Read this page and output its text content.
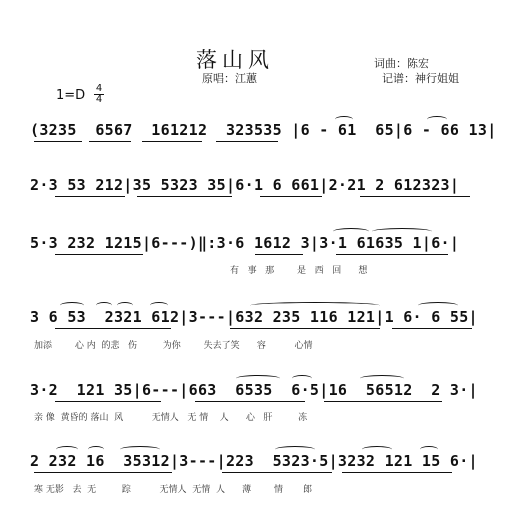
落山风	词曲：陈宏
原唱：江蕙	记谱：神行姐姐
1=D 4
4
(3235  6567  161212  323535 |6 - 61  65|6 - 66 13|
2·3 53 212|35 5323 35|6·1 6 661|2·21 2 612323|
5·3 232 1215|6---)‖:3·6 1612 3|3·1 61635 1|6·|
有   事   那        是   西   回      想
3 6 53  2321 612|3---|632 235 116 121|1 6· 6 55|
加添        心 内  的悲   伤         为你        失去了笑      容          心情
3·2  121 35|6---|663  6535  6·5|16  56512  2 3·|
亲 像  黄昏的 落山  风          无情人   无 情    人      心   肝         冻
2 232 16  35312|3---|223  5323·5|3232 121 15 6·|
寒 无影   去  无         踪          无情人  无情  人      薄        情       郎
